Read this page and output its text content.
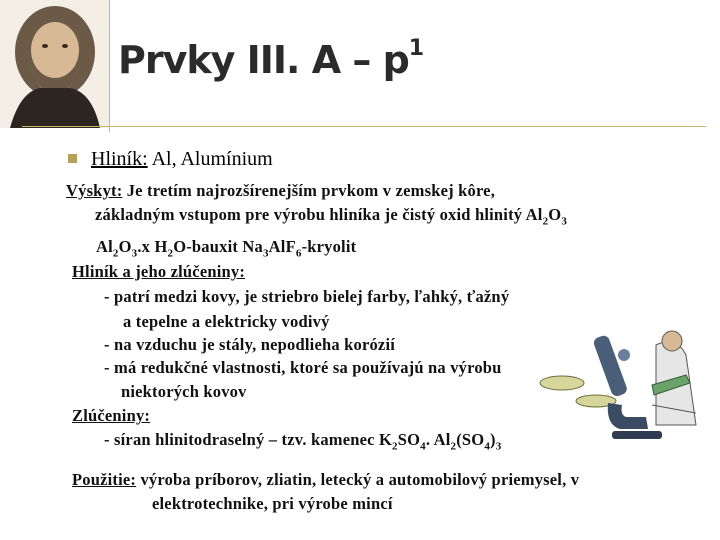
Prvky III. A – $p^1$
Hliník: Al, Alumínium
Výskyt: Je tretím najrozšírenejším prvkom v zemskej kôre,
základným vstupom pre výrobu hliníka je čistý oxid hlinitý $Al_2O_3$
$Al_2O_3.x$ $H_2O$-bauxit $Na_3AlF_6$-kryolit
Hliník a jeho zlúčeniny:
- patrí medzi kovy, je striebro bielej farby, ľahký, ťažný
a tepelne a elektricky vodivý
- na vzduchu je stály, nepodlieha korózií
- má redukčné vlastnosti, ktoré sa používajú na výrobu
niektorých kovov
Zlúčeniny:
- síran hlinitodraselný – tzv. kamenec $K_2SO_4$. $Al_2(SO_4)_3$
Použitie: výroba príborov, zliatin, letecký a automobilový priemysel, v
elektrotechnike, pri výrobe mincí
